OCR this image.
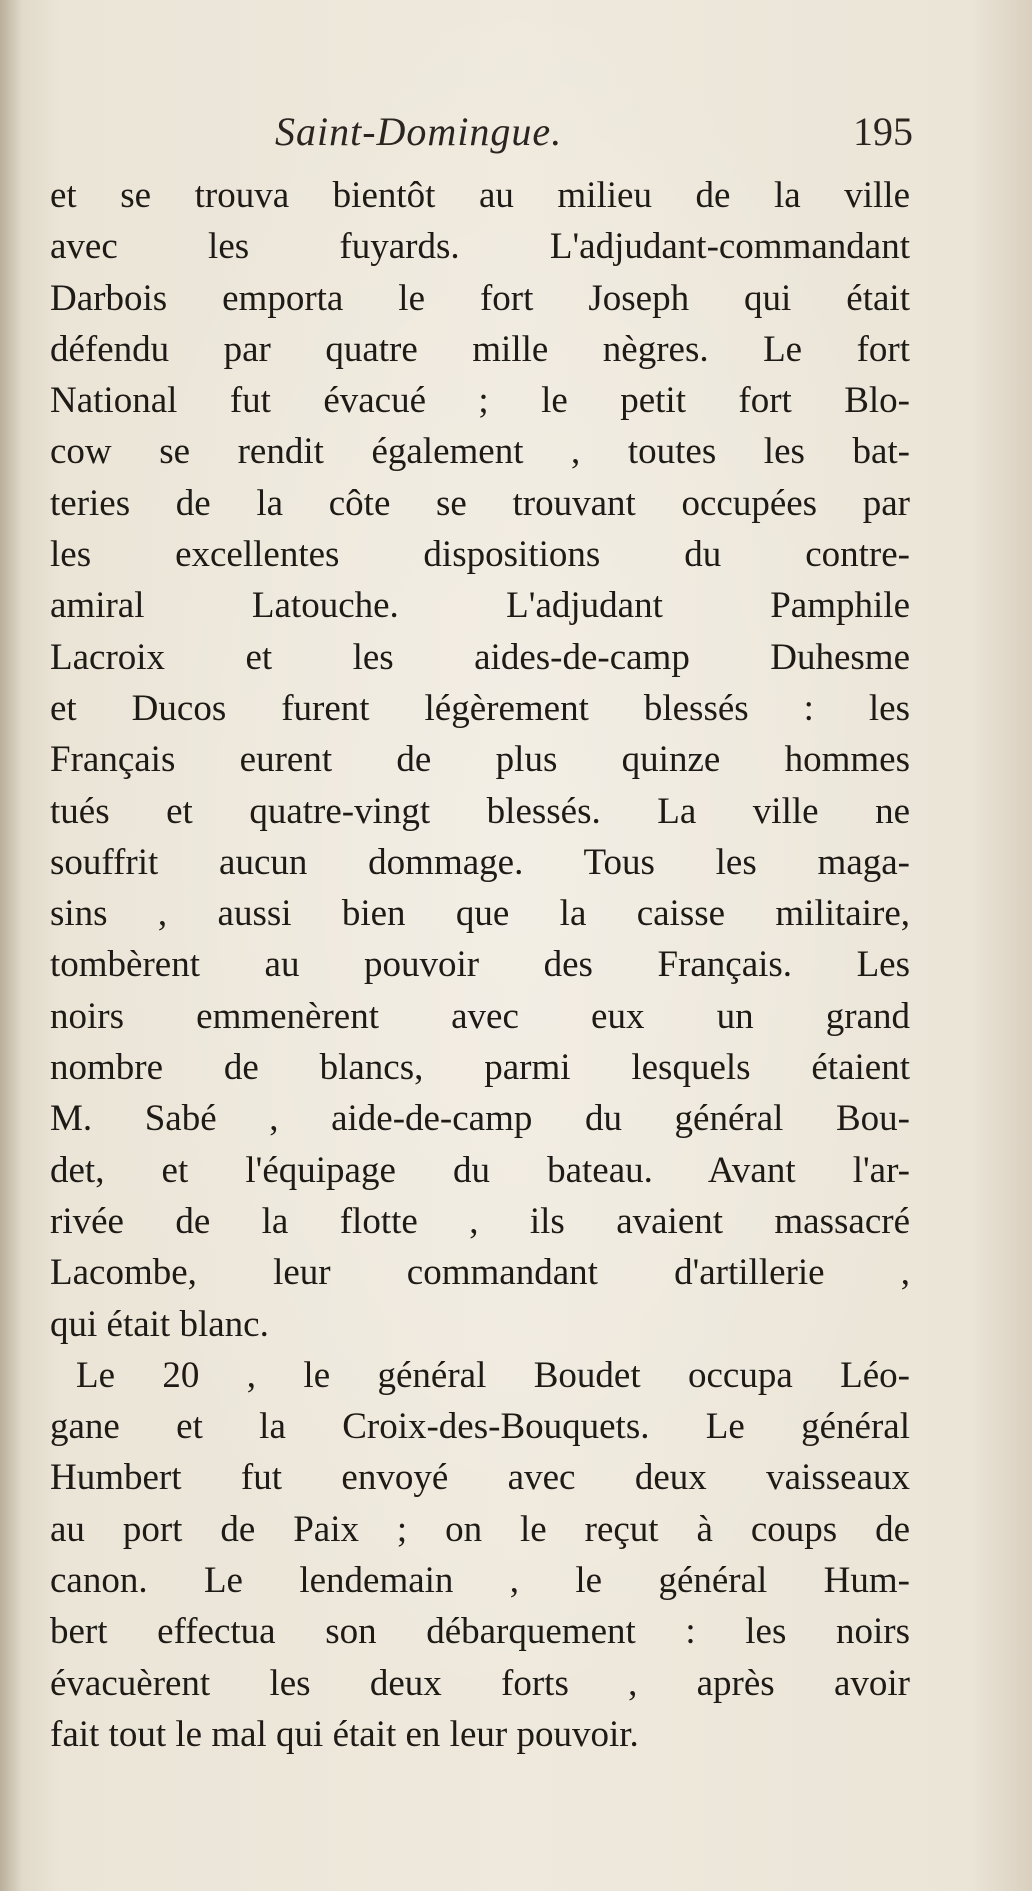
Saint-Domingue.	195
et se trouva bientôt au milieu de la ville
avec les fuyards. L'adjudant-commandant
Darbois emporta le fort Joseph qui était
défendu par quatre mille nègres. Le fort
National fut évacué ; le petit fort Blo-
cow se rendit également , toutes les bat-
teries de la côte se trouvant occupées par
les excellentes dispositions du contre-
amiral Latouche. L'adjudant Pamphile
Lacroix et les aides-de-camp Duhesme
et Ducos furent légèrement blessés : les
Français eurent de plus quinze hommes
tués et quatre-vingt blessés. La ville ne
souffrit aucun dommage. Tous les maga-
sins , aussi bien que la caisse militaire,
tombèrent au pouvoir des Français. Les
noirs emmenèrent avec eux un grand
nombre de blancs, parmi lesquels étaient
M. Sabé , aide-de-camp du général Bou-
det, et l'équipage du bateau. Avant l'ar-
rivée de la flotte , ils avaient massacré
Lacombe, leur commandant d'artillerie ,
qui était blanc.
Le 20 , le général Boudet occupa Léo-
gane et la Croix-des-Bouquets. Le général
Humbert fut envoyé avec deux vaisseaux
au port de Paix ; on le reçut à coups de
canon. Le lendemain , le général Hum-
bert effectua son débarquement : les noirs
évacuèrent les deux forts , après avoir
fait tout le mal qui était en leur pouvoir.
